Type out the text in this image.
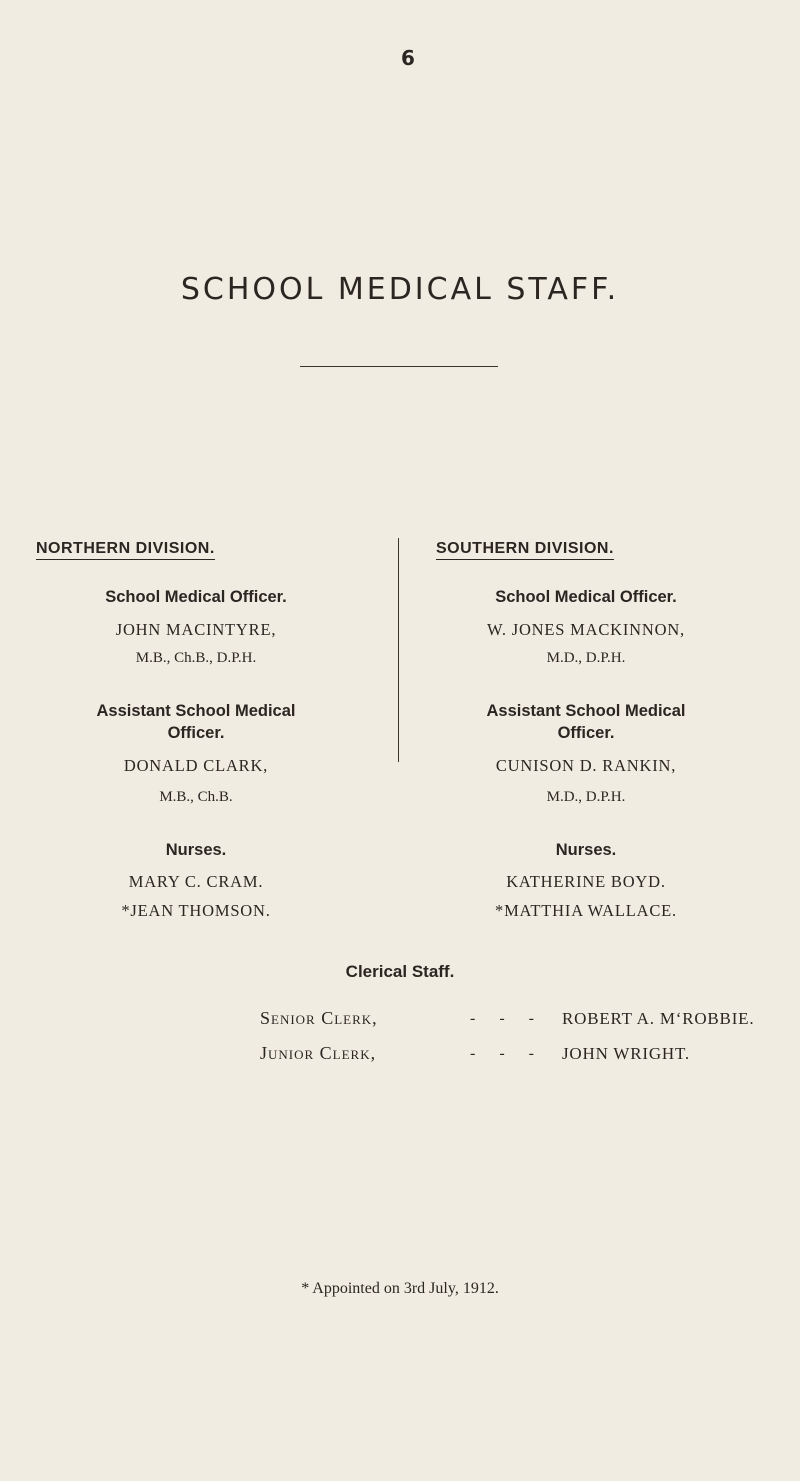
6
SCHOOL MEDICAL STAFF.
NORTHERN DIVISION.
School Medical Officer.
JOHN MACINTYRE,
M.B., Ch.B., D.P.H.
Assistant School Medical Officer.
DONALD CLARK,
M.B., Ch.B.
Nurses.
MARY C. CRAM.
*JEAN THOMSON.
SOUTHERN DIVISION.
School Medical Officer.
W. JONES MACKINNON,
M.D., D.P.H.
Assistant School Medical Officer.
CUNISON D. RANKIN,
M.D., D.P.H.
Nurses.
KATHERINE BOYD.
*MATTHIA WALLACE.
Clerical Staff.
Senior Clerk,	- - - ROBERT A. M‘ROBBIE.
Junior Clerk,	- - - JOHN WRIGHT.
* Appointed on 3rd July, 1912.
